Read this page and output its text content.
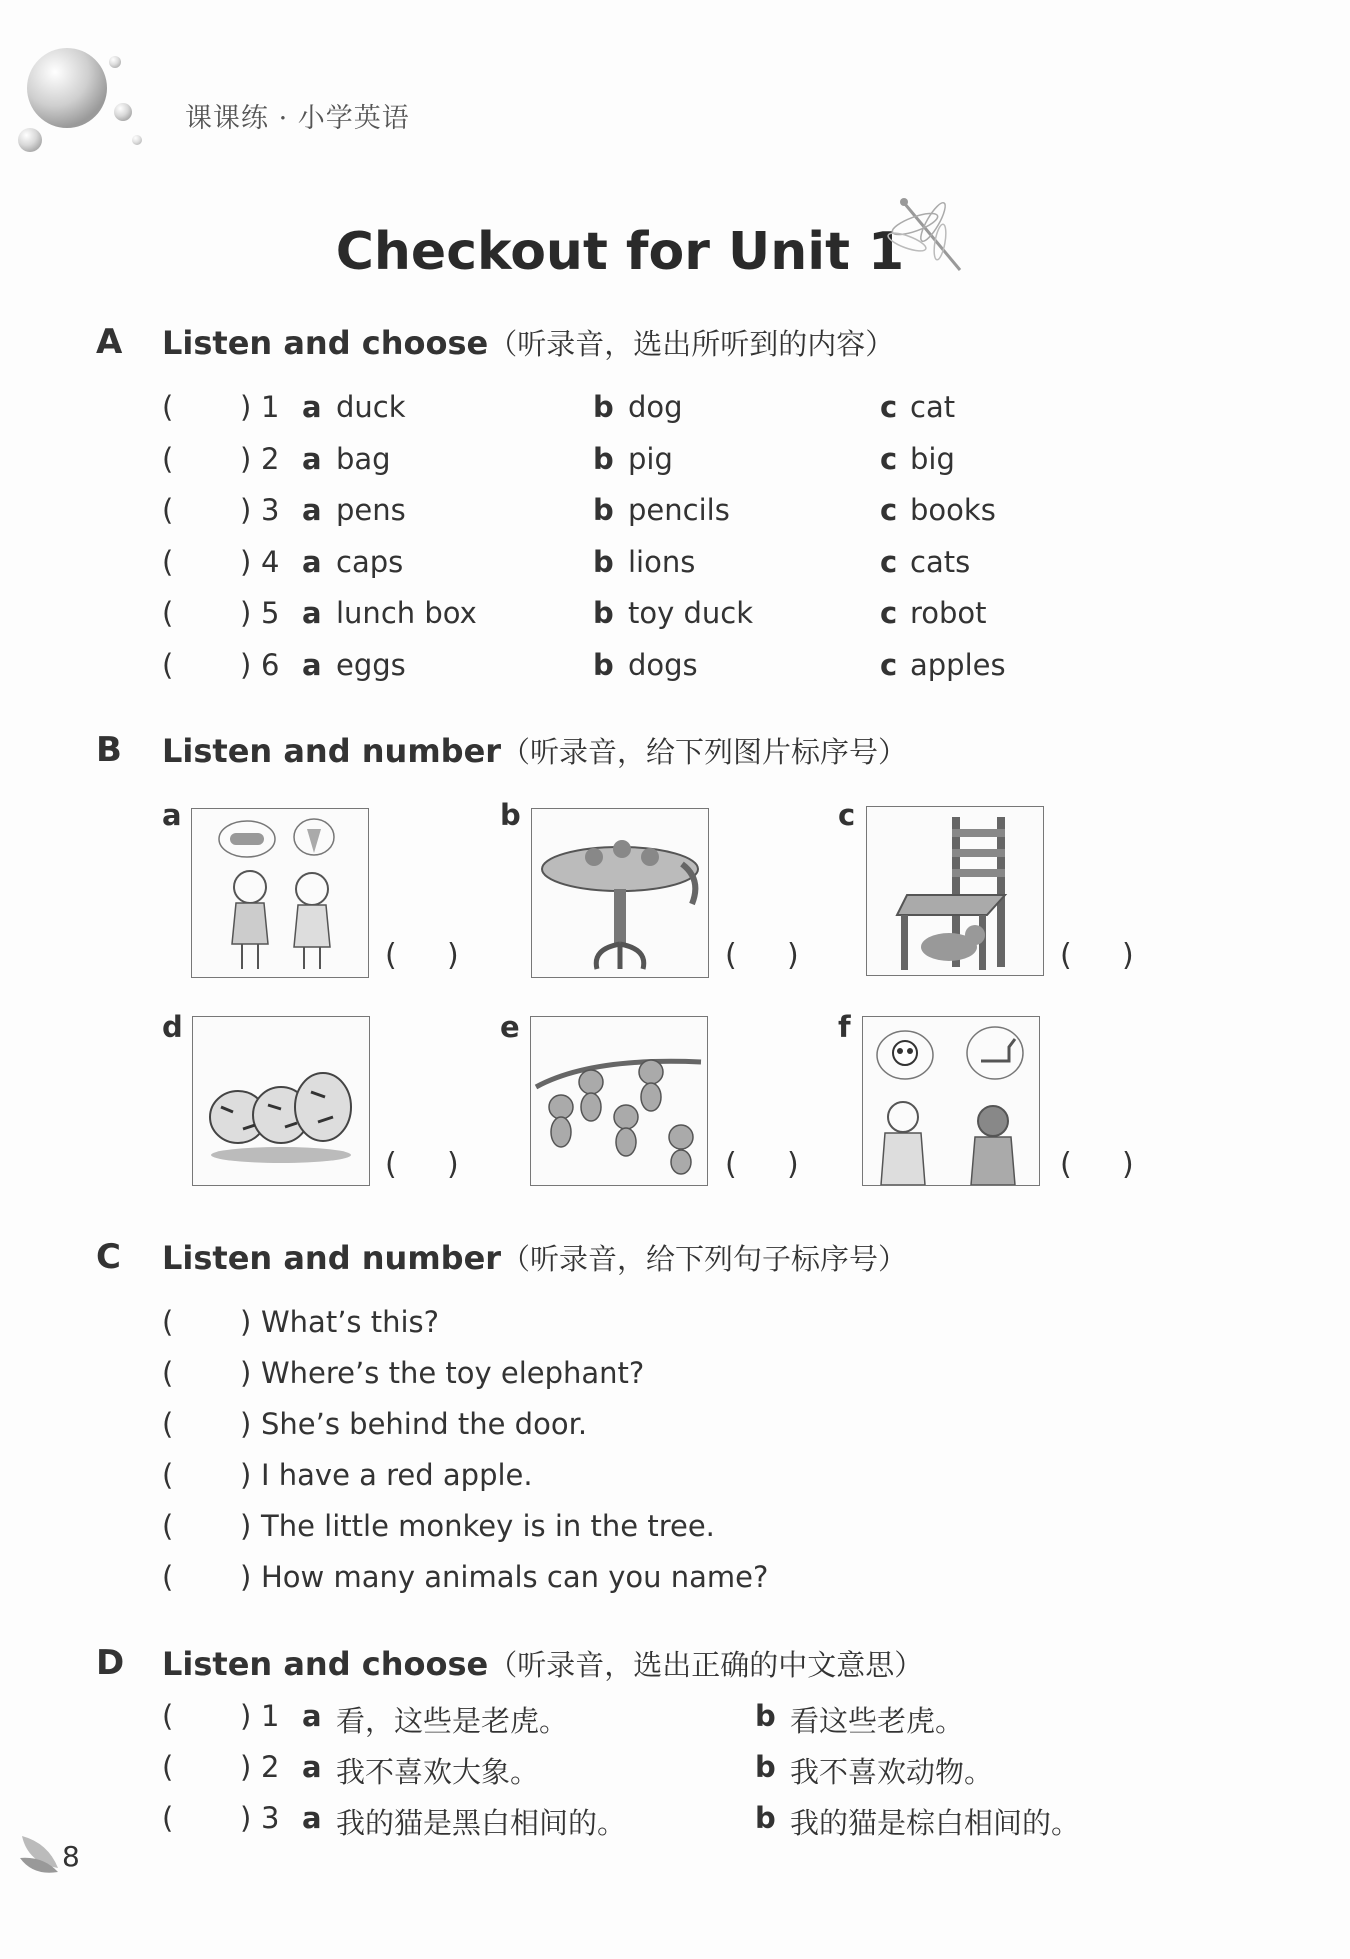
课课练 · 小学英语
Checkout for Unit 1
A Listen and choose（听录音，选出所听到的内容）
( ) 1 a duck	b dog	c cat
( ) 2 a bag	b pig	c big
( ) 3 a pens	b pencils	c books
( ) 4 a caps	b lions	c cats
( ) 5 a lunch box	b toy duck	c robot
( ) 6 a eggs	b dogs	c apples
B Listen and number（听录音，给下列图片标序号）
a
( )
b
( )
c
( )
d
( )
e
( )
f
( )
C Listen and number（听录音，给下列句子标序号）
( ) What’s this?
( ) Where’s the toy elephant?
( ) She’s behind the door.
( ) I have a red apple.
( ) The little monkey is in the tree.
( ) How many animals can you name?
D Listen and choose（听录音，选出正确的中文意思）
( ) 1 a 看，这些是老虎。	b 看这些老虎。
( ) 2 a 我不喜欢大象。	b 我不喜欢动物。
( ) 3 a 我的猫是黑白相间的。	b 我的猫是棕白相间的。
8
